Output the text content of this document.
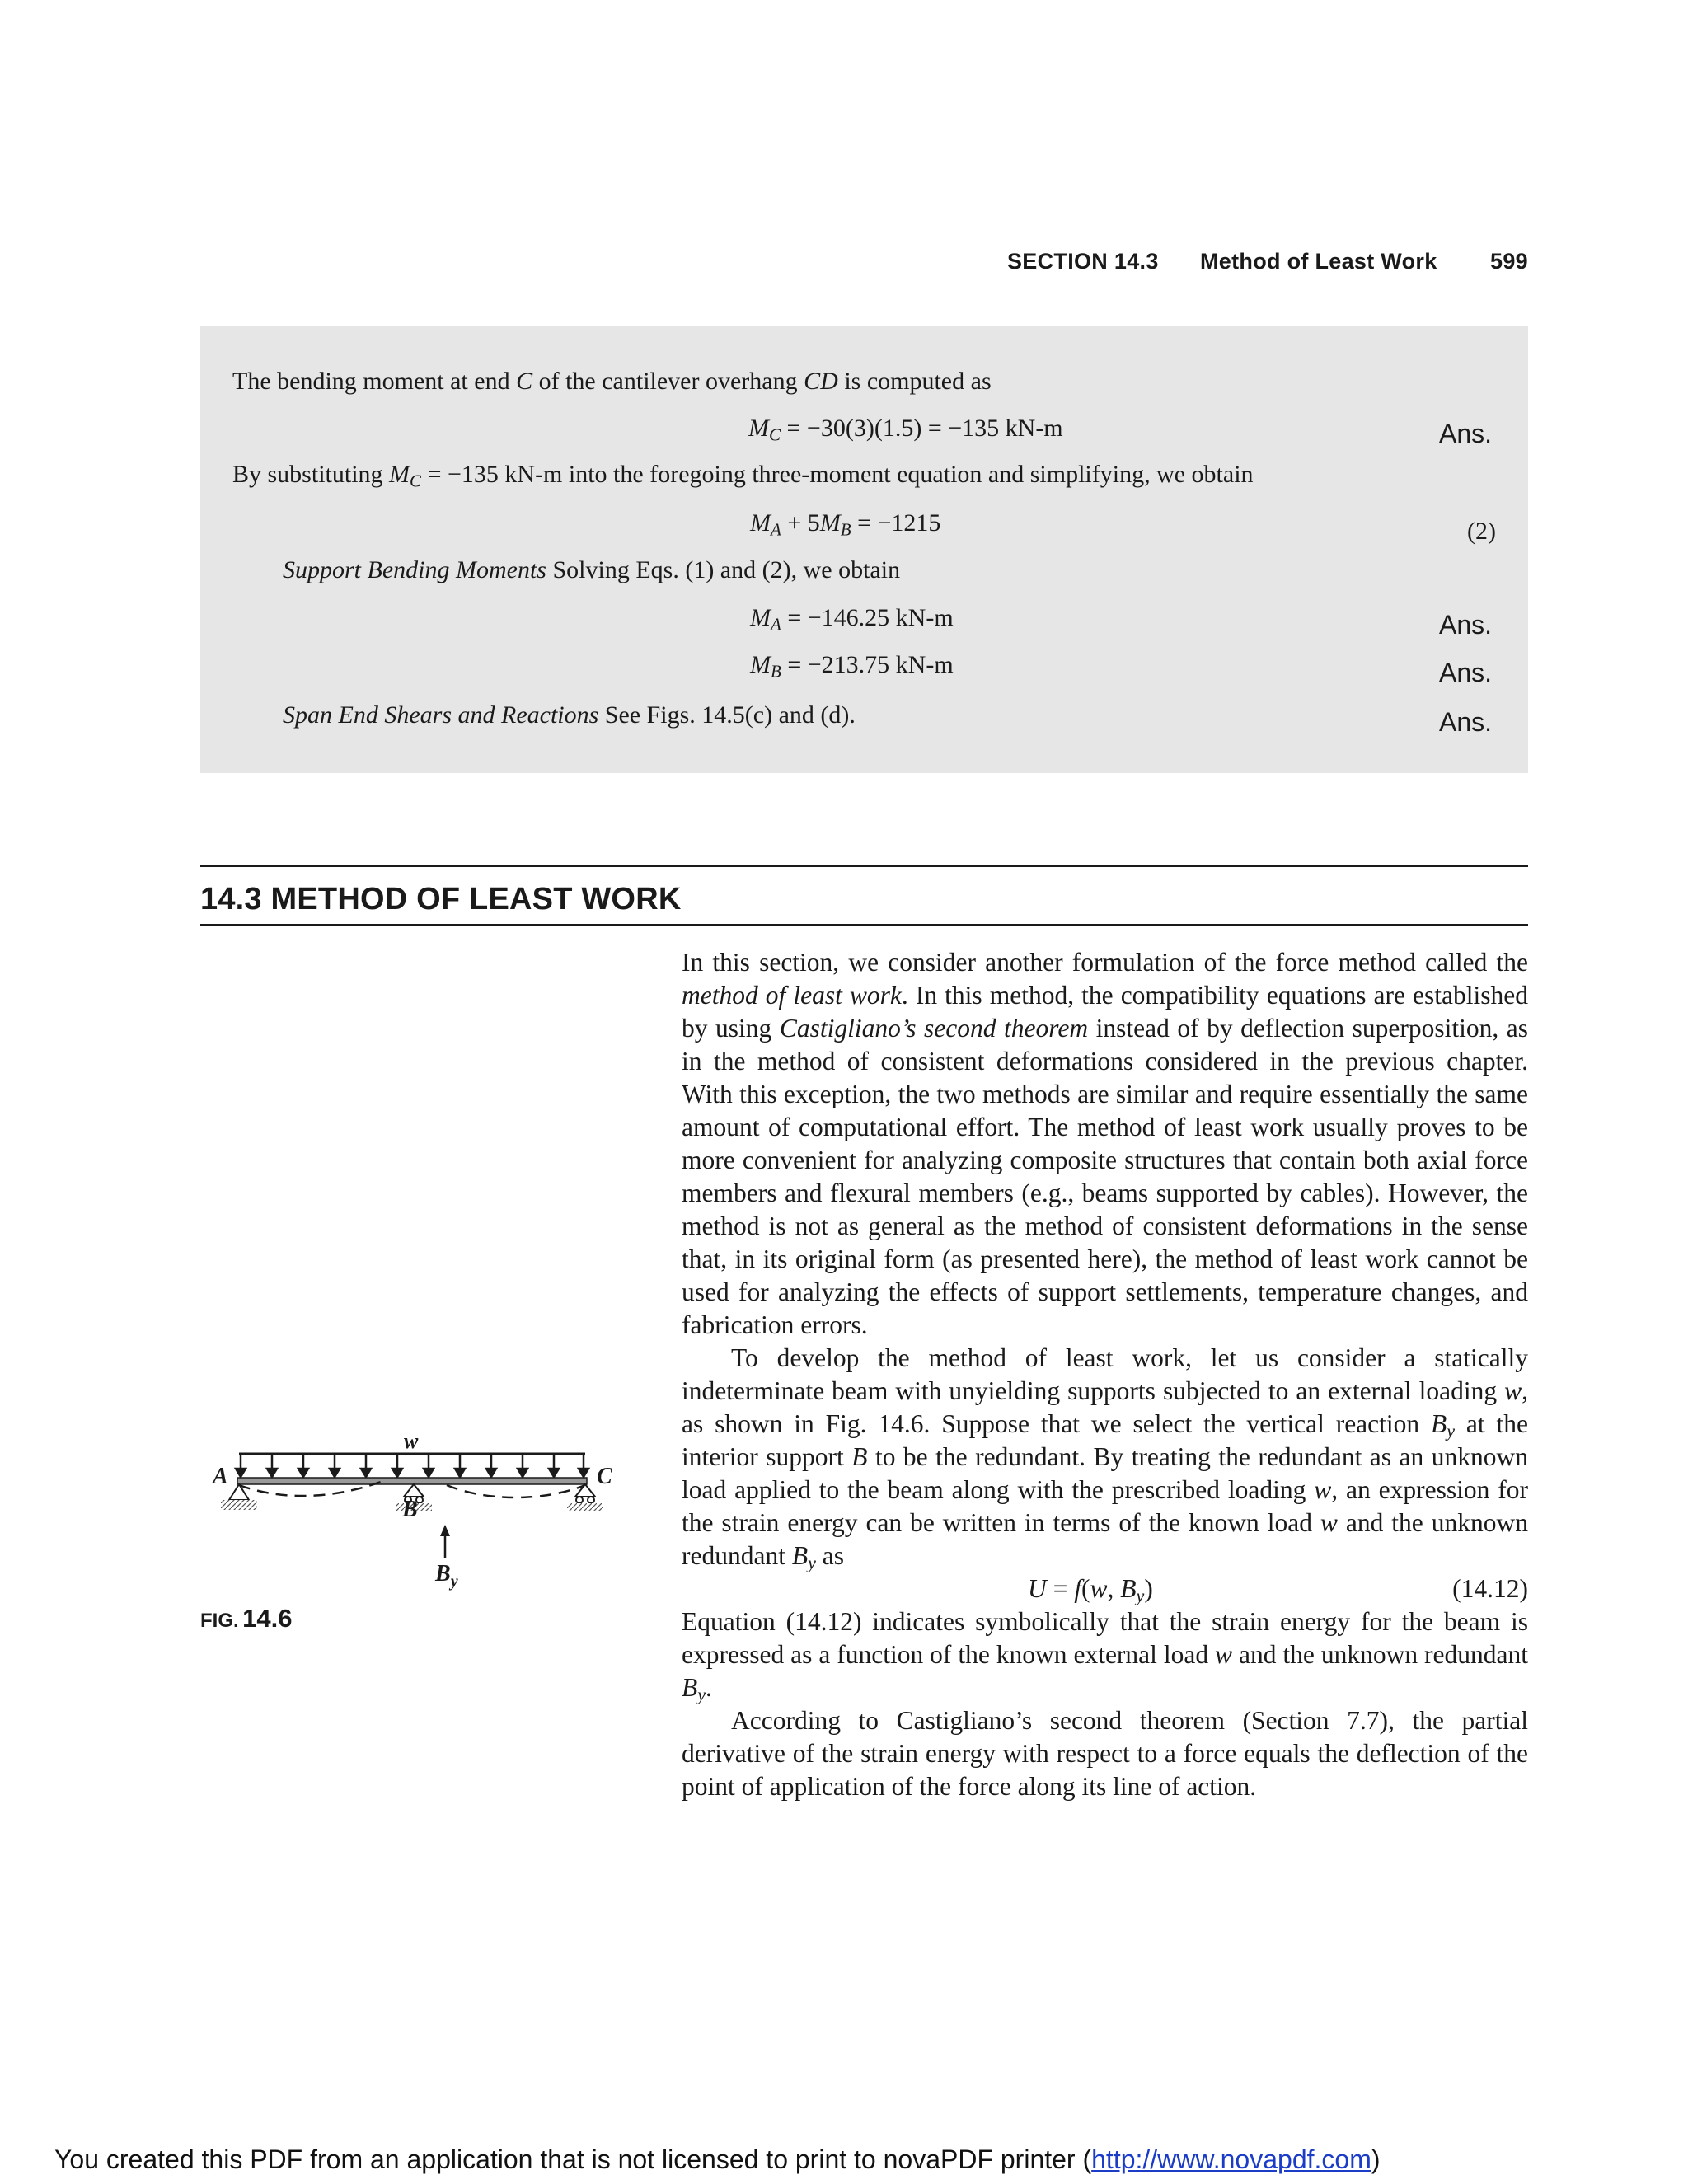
SECTION 14.3 Method of Least Work 599
The bending moment at end C of the cantilever overhang CD is computed as
$M_C = -30(3)(1.5) = -135$ kN-m	Ans.
By substituting $M_C = -135$ kN-m into the foregoing three-moment equation and simplifying, we obtain
$M_A + 5M_B = -1215$	(2)
Support Bending Moments Solving Eqs. (1) and (2), we obtain
$M_A = -146.25$ kN-m	Ans.
$M_B = -213.75$ kN-m	Ans.
Span End Shears and Reactions See Figs. 14.5(c) and (d).	Ans.
14.3 METHOD OF LEAST WORK

In this section, we consider another formulation of the force method called the method of least work. In this method, the compatibility equations are established by using Castigliano’s second theorem instead of by deflection superposition, as in the method of consistent deformations considered in the previous chapter. With this exception, the two methods are similar and require essentially the same amount of computational effort. The method of least work usually proves to be more convenient for analyzing composite structures that contain both axial force members and flexural members (e.g., beams supported by cables). However, the method is not as general as the method of consistent deformations in the sense that, in its original form (as presented here), the method of least work cannot be used for analyzing the effects of support settlements, temperature changes, and fabrication errors.

To develop the method of least work, let us consider a statically indeterminate beam with unyielding supports subjected to an external loading w, as shown in Fig. 14.6. Suppose that we select the vertical reaction $B_y$ at the interior support B to be the redundant. By treating the redundant as an unknown load applied to the beam along with the prescribed loading w, an expression for the strain energy can be written in terms of the known load w and the unknown redundant $B_y$ as

U = f(w, $B_y$)	(14.12)

Equation (14.12) indicates symbolically that the strain energy for the beam is expressed as a function of the known external load w and the unknown redundant $B_y$.

According to Castigliano’s second theorem (Section 7.7), the partial derivative of the strain energy with respect to a force equals the deflection of the point of application of the force along its line of action.

w
A	C
B
$B_y$
FIG. 14.6
You created this PDF from an application that is not licensed to print to novaPDF printer (http://www.novapdf.com)
